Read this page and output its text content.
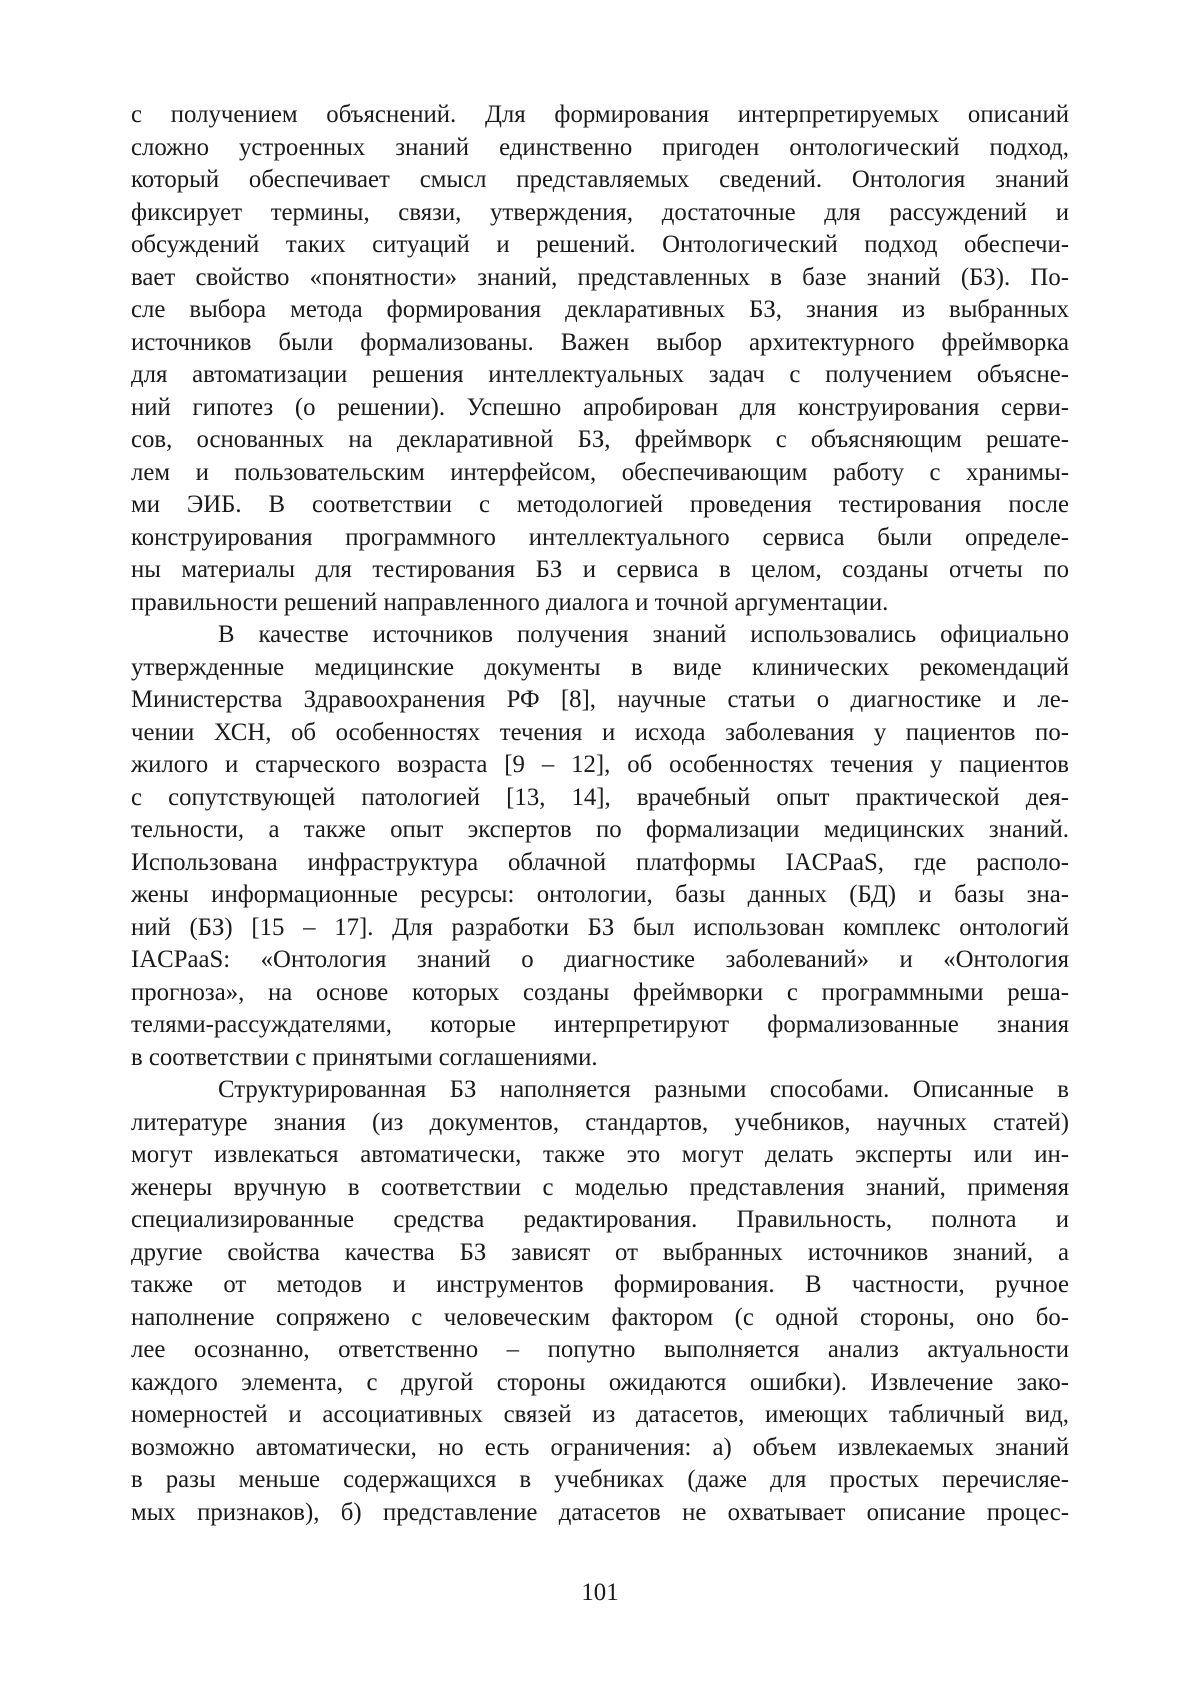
с получением объяснений. Для формирования интерпретируемых описаний
сложно устроенных знаний единственно пригоден онтологический подход,
который обеспечивает смысл представляемых сведений. Онтология знаний
фиксирует термины, связи, утверждения, достаточные для рассуждений и
обсуждений таких ситуаций и решений. Онтологический подход обеспечи-
вает свойство «понятности» знаний, представленных в базе знаний (БЗ). По-
сле выбора метода формирования декларативных БЗ, знания из выбранных
источников были формализованы. Важен выбор архитектурного фреймворка
для автоматизации решения интеллектуальных задач с получением объясне-
ний гипотез (о решении). Успешно апробирован для конструирования серви-
сов, основанных на декларативной БЗ, фреймворк с объясняющим решате-
лем и пользовательским интерфейсом, обеспечивающим работу с хранимы-
ми ЭИБ. В соответствии с методологией проведения тестирования после
конструирования программного интеллектуального сервиса были определе-
ны материалы для тестирования БЗ и сервиса в целом, созданы отчеты по
правильности решений направленного диалога и точной аргументации.
В качестве источников получения знаний использовались официально
утвержденные медицинские документы в виде клинических рекомендаций
Министерства Здравоохранения РФ [8], научные статьи о диагностике и ле-
чении ХСН, об особенностях течения и исхода заболевания у пациентов по-
жилого и старческого возраста [9 – 12], об особенностях течения у пациентов
с сопутствующей патологией [13, 14], врачебный опыт практической дея-
тельности, а также опыт экспертов по формализации медицинских знаний.
Использована инфраструктура облачной платформы IACPaaS, где располо-
жены информационные ресурсы: онтологии, базы данных (БД) и базы зна-
ний (БЗ) [15 – 17]. Для разработки БЗ был использован комплекс онтологий
IACPaaS: «Онтология знаний о диагностике заболеваний» и «Онтология
прогноза», на основе которых созданы фреймворки с программными реша-
телями-рассуждателями, которые интерпретируют формализованные знания
в соответствии с принятыми соглашениями.
Структурированная БЗ наполняется разными способами. Описанные в
литературе знания (из документов, стандартов, учебников, научных статей)
могут извлекаться автоматически, также это могут делать эксперты или ин-
женеры вручную в соответствии с моделью представления знаний, применяя
специализированные средства редактирования. Правильность, полнота и
другие свойства качества БЗ зависят от выбранных источников знаний, а
также от методов и инструментов формирования. В частности, ручное
наполнение сопряжено с человеческим фактором (с одной стороны, оно бо-
лее осознанно, ответственно – попутно выполняется анализ актуальности
каждого элемента, с другой стороны ожидаются ошибки). Извлечение зако-
номерностей и ассоциативных связей из датасетов, имеющих табличный вид,
возможно автоматически, но есть ограничения: а) объем извлекаемых знаний
в разы меньше содержащихся в учебниках (даже для простых перечисляе-
мых признаков), б) представление датасетов не охватывает описание процес-
101
